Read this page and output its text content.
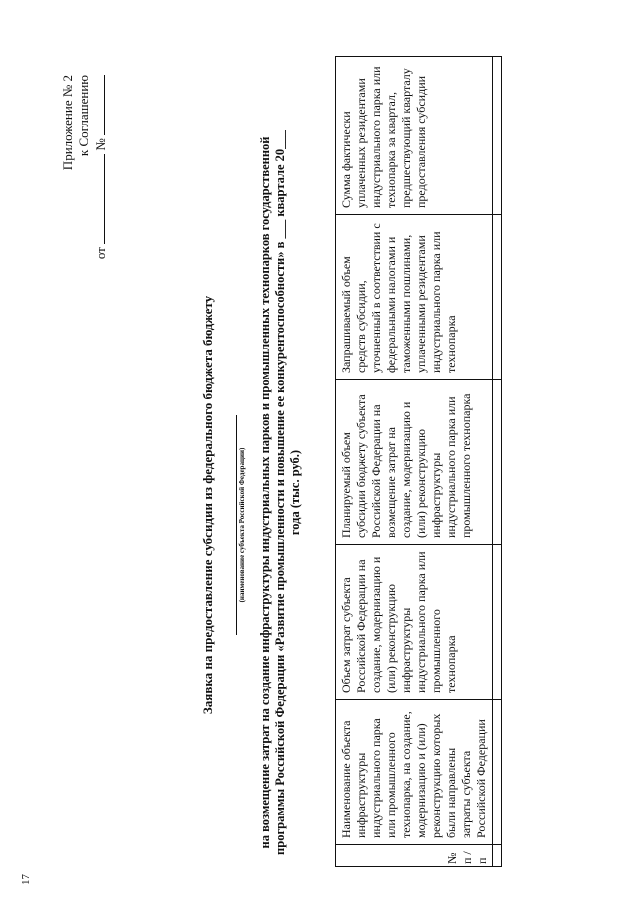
17
Приложение № 2 к Соглашению
от  №
Заявка на предоставление субсидии из федерального бюджета бюджету	(наименование субъекта Российской Федерации) на возмещение затрат на создание инфраструктуры индустриальных парков и промышленных технопарков государственной программы Российской Федерации «Развитие промышленности и повышение ее конкурентоспособности» в ___ квартале 20___ года (тыс. руб.)
№ п / п	Наименование объекта инфраструктуры индустриального парка или промышленного технопарка, на создание, модернизацию и (или) реконструкцию которых были направлены затраты субъекта Российской Федерации	Объем затрат субъекта Российской Федерации на создание, модернизацию и (или) реконструкцию инфраструктуры индустриального парка или промышленного технопарка	Планируемый объем субсидии бюджету субъекта Российской Федерации на возмещение затрат на создание, модернизацию и (или) реконструкцию инфраструктуры индустриального парка или промышленного технопарка	Запрашиваемый объем средств субсидии, уточненный в соответствии с федеральными налогами и таможенными пошлинами, уплаченными резидентами индустриального парка или технопарка	Сумма фактически уплаченных резидентами индустриального парка или технопарка за квартал, предшествующий кварталу предоставления субсидии
